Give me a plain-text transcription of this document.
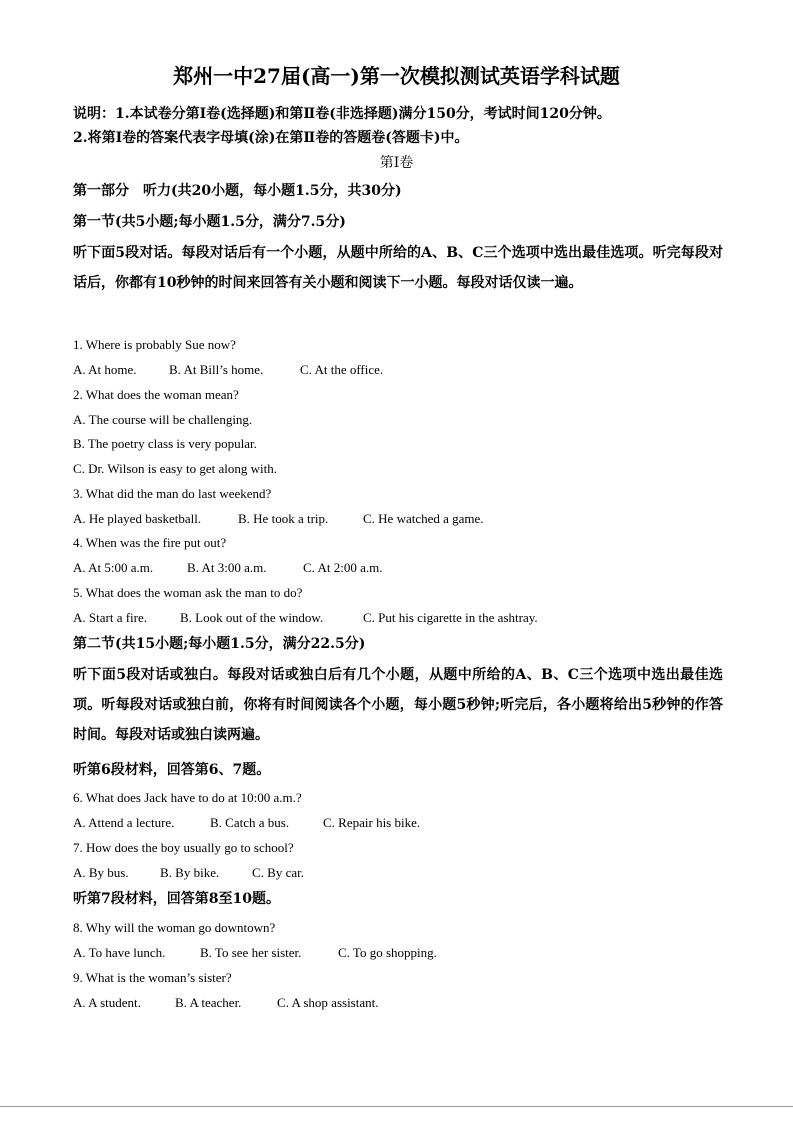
郑州一中27届(高一)第一次模拟测试英语学科试题

说明：1.本试卷分第Ⅰ卷(选择题)和第Ⅱ卷(非选择题)满分150分，考试时间120分钟。

2.将第Ⅰ卷的答案代表字母填(涂)在第Ⅱ卷的答题卷(答题卡)中。

第Ⅰ卷

第一部分　听力(共20小题，每小题1.5分，共30分)

第一节(共5小题;每小题1.5分，满分7.5分)

听下面5段对话。每段对话后有一个小题，从题中所给的A、B、C三个选项中选出最佳选项。听完每段对话后，你都有10秒钟的时间来回答有关小题和阅读下一小题。每段对话仅读一遍。

1. Where is probably Sue now?

A. At home.	B. At Bill’s home.	C. At the office.

2. What does the woman mean?

A. The course will be challenging.

B. The poetry class is very popular.

C. Dr. Wilson is easy to get along with.

3. What did the man do last weekend?

A. He played basketball.	B. He took a trip.	C. He watched a game.

4. When was the fire put out?

A. At 5:00 a.m.	B. At 3:00 a.m.	C. At 2:00 a.m.

5. What does the woman ask the man to do?

A. Start a fire.	B. Look out of the window.	C. Put his cigarette in the ashtray.

第二节(共15小题;每小题1.5分，满分22.5分)

听下面5段对话或独白。每段对话或独白后有几个小题，从题中所给的A、B、C三个选项中选出最佳选项。听每段对话或独白前，你将有时间阅读各个小题，每小题5秒钟;听完后，各小题将给出5秒钟的作答时间。每段对话或独白读两遍。

听第6段材料，回答第6、7题。

6. What does Jack have to do at 10:00 a.m.?

A. Attend a lecture.	B. Catch a bus.	C. Repair his bike.

7. How does the boy usually go to school?

A. By bus.	B. By bike.	C. By car.

听第7段材料，回答第8至10题。

8. Why will the woman go downtown?

A. To have lunch.	B. To see her sister.	C. To go shopping.

9. What is the woman’s sister?

A. A student.	B. A teacher.	C. A shop assistant.
